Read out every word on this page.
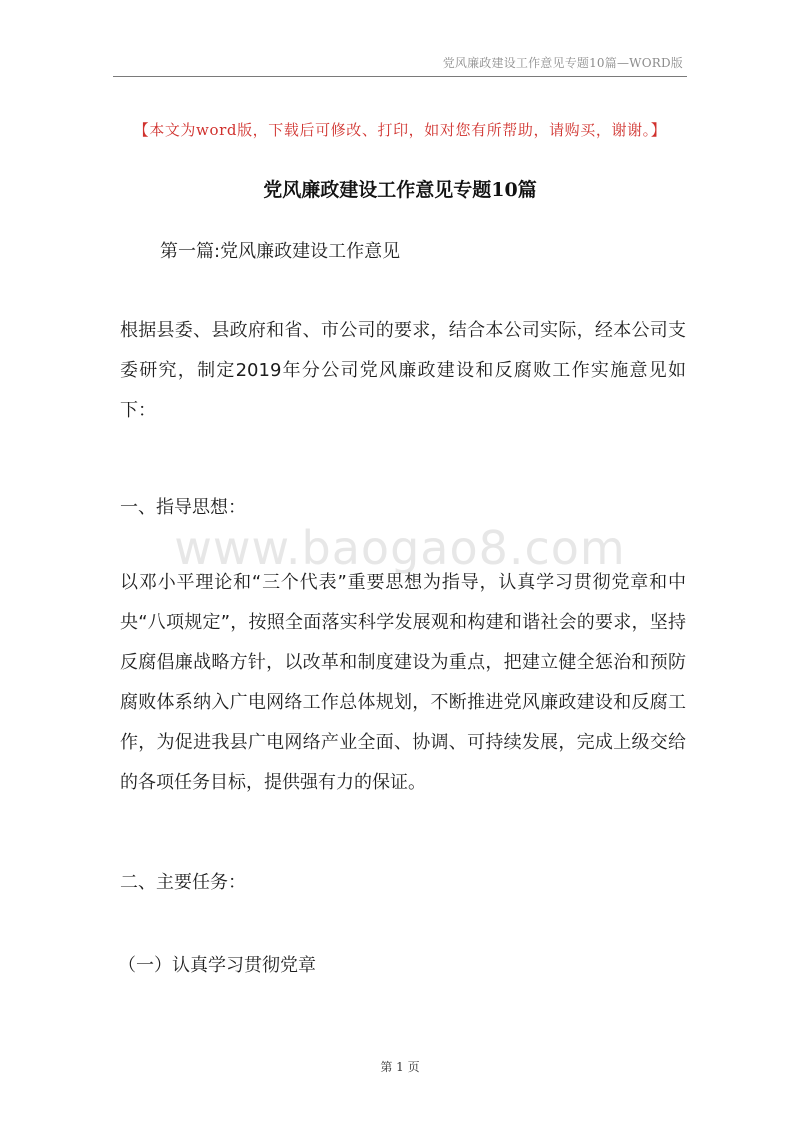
党风廉政建设工作意见专题10篇—WORD版
【本文为word版，下载后可修改、打印，如对您有所帮助，请购买，谢谢。】
党风廉政建设工作意见专题10篇
第一篇:党风廉政建设工作意见
根据县委、县政府和省、市公司的要求，结合本公司实际，经本公司支委研究，制定2019年分公司党风廉政建设和反腐败工作实施意见如下：
一、指导思想：
www.baogao8.com
以邓小平理论和“三个代表”重要思想为指导，认真学习贯彻党章和中央“八项规定”，按照全面落实科学发展观和构建和谐社会的要求，坚持反腐倡廉战略方针，以改革和制度建设为重点，把建立健全惩治和预防腐败体系纳入广电网络工作总体规划，不断推进党风廉政建设和反腐工作，为促进我县广电网络产业全面、协调、可持续发展，完成上级交给的各项任务目标，提供强有力的保证。
二、主要任务：
（一）认真学习贯彻党章
第 1 页
